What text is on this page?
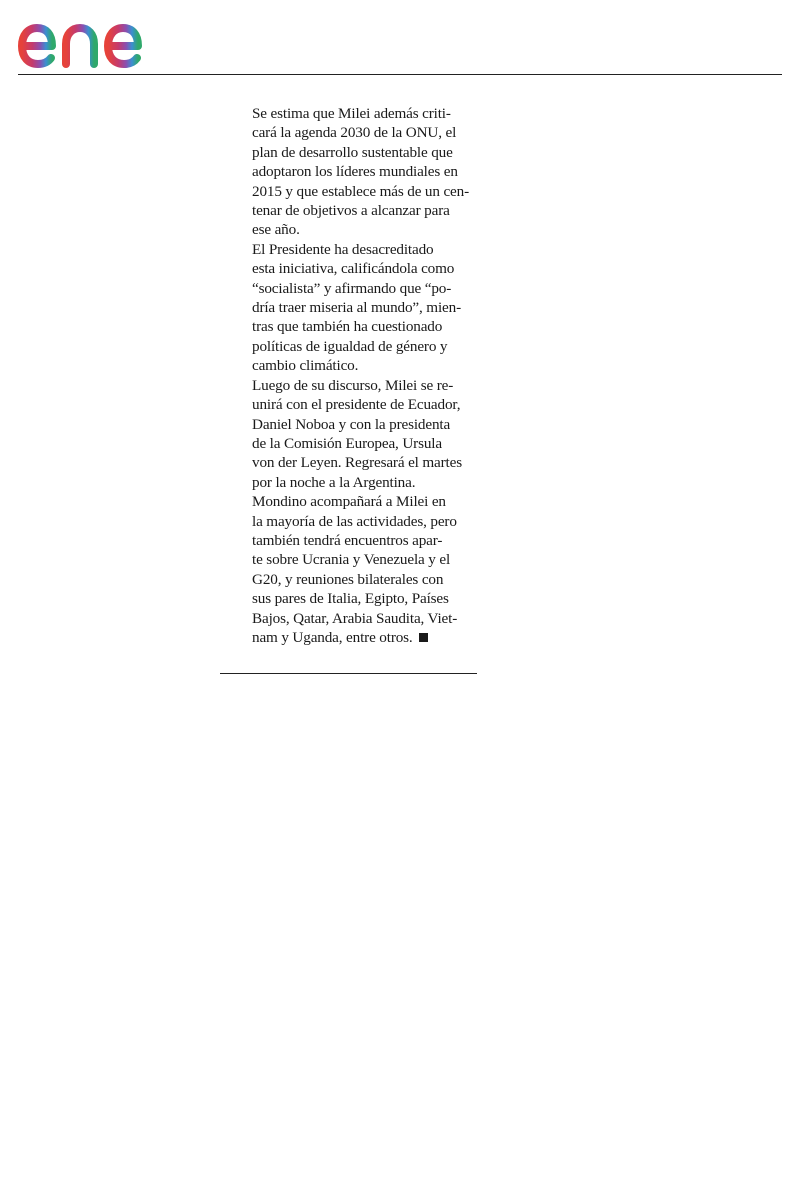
Se estima que Milei además criti-
cará la agenda 2030 de la ONU, el
plan de desarrollo sustentable que
adoptaron los líderes mundiales en
2015 y que establece más de un cen-
tenar de objetivos a alcanzar para
ese año.

El Presidente ha desacreditado
esta iniciativa, calificándola como
“socialista” y afirmando que “po-
dría traer miseria al mundo”, mien-
tras que también ha cuestionado
políticas de igualdad de género y
cambio climático.

Luego de su discurso, Milei se re-
unirá con el presidente de Ecuador,
Daniel Noboa y con la presidenta
de la Comisión Europea, Ursula
von der Leyen. Regresará el martes
por la noche a la Argentina.

Mondino acompañará a Milei en
la mayoría de las actividades, pero
también tendrá encuentros apar-
te sobre Ucrania y Venezuela y el
G20, y reuniones bilaterales con
sus pares de Italia, Egipto, Países
Bajos, Qatar, Arabia Saudita, Viet-
nam y Uganda, entre otros.
